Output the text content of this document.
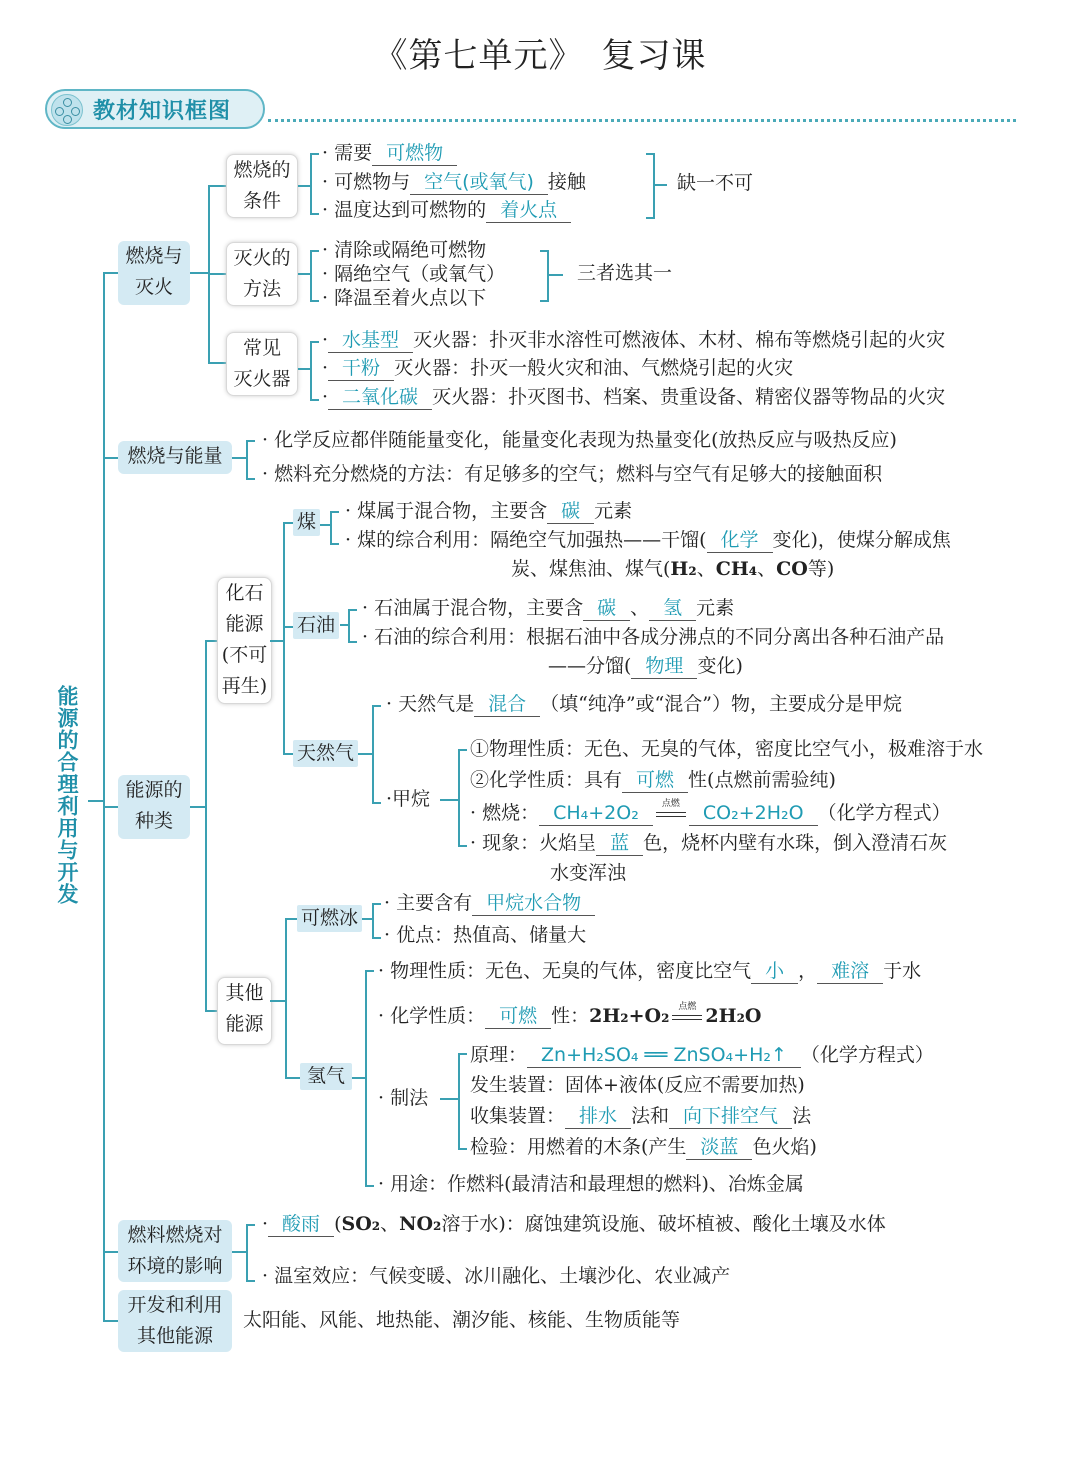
《第七单元》　复习课
教材知识框图
能源的合理利用与开发
燃烧与
灭火
燃烧与能量
能源的
种类
燃料燃烧对
环境的影响
开发和利用
其他能源
燃烧的
条件
灭火的
方法
常见
灭火器
· 需要 可燃物
· 可燃物与 空气(或氧气) 接触
· 温度达到可燃物的 着火点
缺一不可
· 清除或隔绝可燃物
· 隔绝空气（或氧气）
· 降温至着火点以下
三者选其一
· 水基型 灭火器：扑灭非水溶性可燃液体、木材、棉布等燃烧引起的火灾
· 干粉 灭火器：扑灭一般火灾和油、气燃烧引起的火灾
· 二氧化碳 灭火器：扑灭图书、档案、贵重设备、精密仪器等物品的火灾
· 化学反应都伴随能量变化，能量变化表现为热量变化(放热反应与吸热反应)
· 燃料充分燃烧的方法：有足够多的空气；燃料与空气有足够大的接触面积
化石
能源
(不可
再生)
其他
能源
煤
石油
天然气
· 煤属于混合物，主要含 碳 元素
· 煤的综合利用：隔绝空气加强热——干馏( 化学 变化)，使煤分解成焦
炭、煤焦油、煤气(H₂、CH₄、CO等)
· 石油属于混合物，主要含 碳 、 氢 元素
· 石油的综合利用：根据石油中各成分沸点的不同分离出各种石油产品
——分馏( 物理 变化)
· 天然气是 混合 （填“纯净”或“混合”）物，主要成分是甲烷
·甲烷
①物理性质：无色、无臭的气体，密度比空气小，极难溶于水
②化学性质：具有 可燃 性(点燃前需验纯)
· 燃烧： CH₄+2O₂	点燃	CO₂+2H₂O （化学方程式）
· 现象：火焰呈 蓝 色，烧杯内壁有水珠，倒入澄清石灰
水变浑浊
可燃冰
氢气
· 主要含有 甲烷水合物
· 优点：热值高、储量大
· 物理性质：无色、无臭的气体，密度比空气 小 ， 难溶 于水
· 化学性质： 可燃 性：2H₂+O₂ 点燃 2H₂O
· 制法
原理： Zn+H₂SO₄ ══ ZnSO₄+H₂↑ （化学方程式）
发生装置：固体+液体(反应不需要加热)
收集装置： 排水 法和 向下排空气 法
检验：用燃着的木条(产生 淡蓝 色火焰)
· 用途：作燃料(最清洁和最理想的燃料)、冶炼金属
· 酸雨 (SO₂、NO₂溶于水)：腐蚀建筑设施、破坏植被、酸化土壤及水体
· 温室效应：气候变暖、冰川融化、土壤沙化、农业减产
太阳能、风能、地热能、潮汐能、核能、生物质能等
